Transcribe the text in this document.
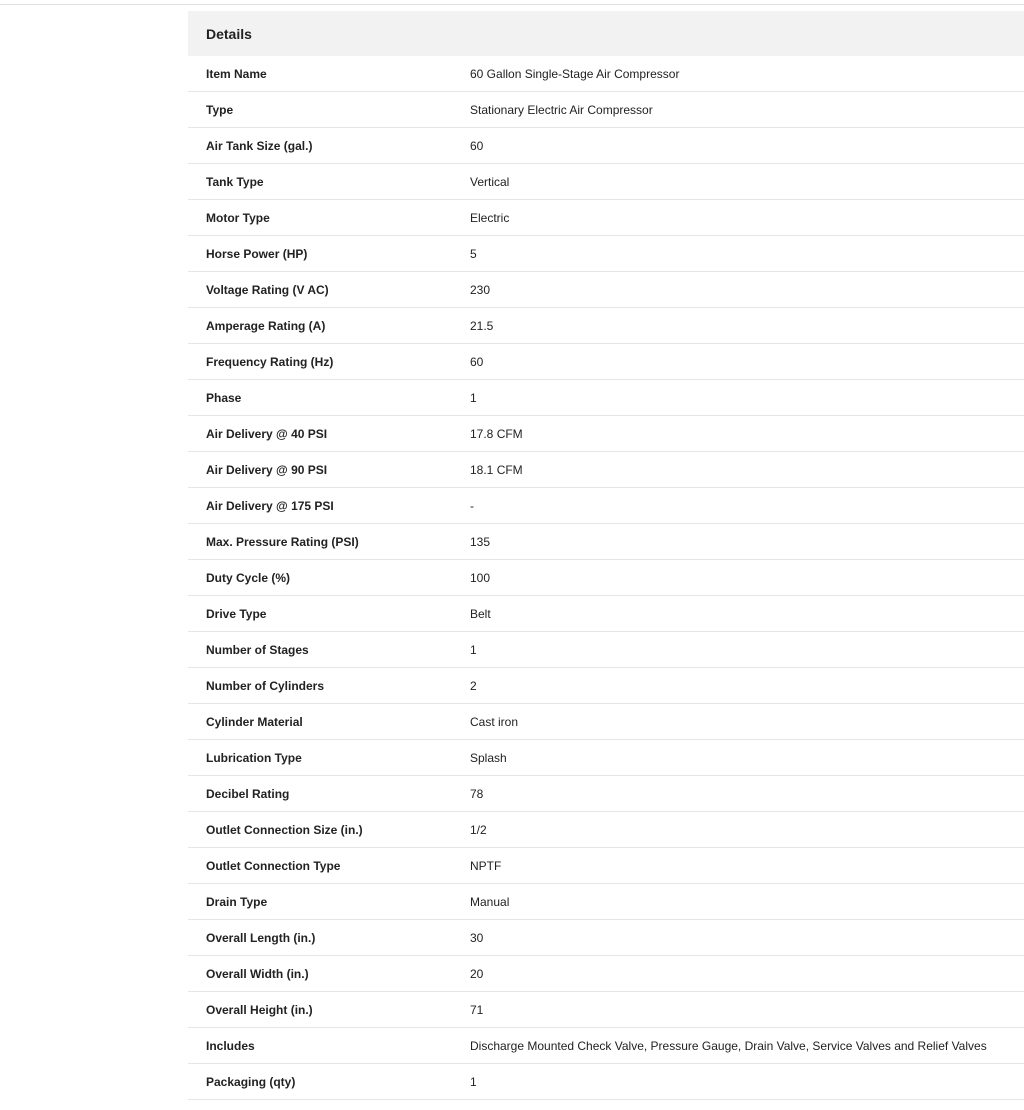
Details
Item Name	60 Gallon Single-Stage Air Compressor
Type	Stationary Electric Air Compressor
Air Tank Size (gal.)	60
Tank Type	Vertical
Motor Type	Electric
Horse Power (HP)	5
Voltage Rating (V AC)	230
Amperage Rating (A)	21.5
Frequency Rating (Hz)	60
Phase	1
Air Delivery @ 40 PSI	17.8 CFM
Air Delivery @ 90 PSI	18.1 CFM
Air Delivery @ 175 PSI	-
Max. Pressure Rating (PSI)	135
Duty Cycle (%)	100
Drive Type	Belt
Number of Stages	1
Number of Cylinders	2
Cylinder Material	Cast iron
Lubrication Type	Splash
Decibel Rating	78
Outlet Connection Size (in.)	1/2
Outlet Connection Type	NPTF
Drain Type	Manual
Overall Length (in.)	30
Overall Width (in.)	20
Overall Height (in.)	71
Includes	Discharge Mounted Check Valve, Pressure Gauge, Drain Valve, Service Valves and Relief Valves
Packaging (qty)	1
